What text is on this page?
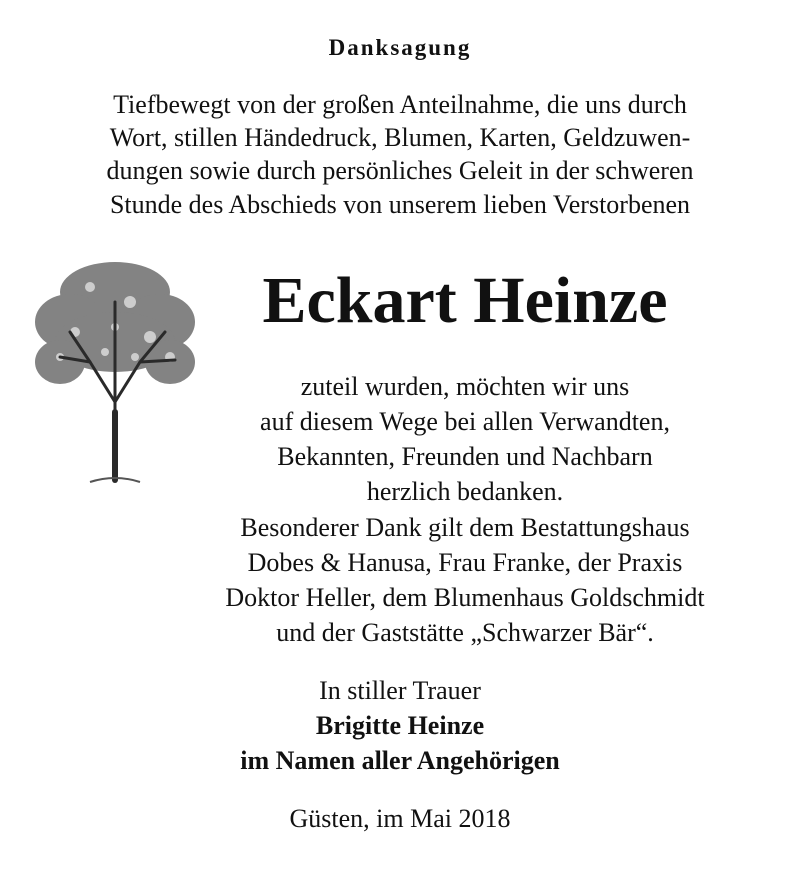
Danksagung
Tiefbewegt von der großen Anteilnahme, die uns durch
Wort, stillen Händedruck, Blumen, Karten, Geldzuwen-
dungen sowie durch persönliches Geleit in der schweren
Stunde des Abschieds von unserem lieben Verstorbenen
Eckart Heinze
zuteil wurden, möchten wir uns
auf diesem Wege bei allen Verwandten,
Bekannten, Freunden und Nachbarn
herzlich bedanken.
Besonderer Dank gilt dem Bestattungshaus
Dobes & Hanusa, Frau Franke, der Praxis
Doktor Heller, dem Blumenhaus Goldschmidt
und der Gaststätte „Schwarzer Bär“.
In stiller Trauer
Brigitte Heinze
im Namen aller Angehörigen
Güsten, im Mai 2018
